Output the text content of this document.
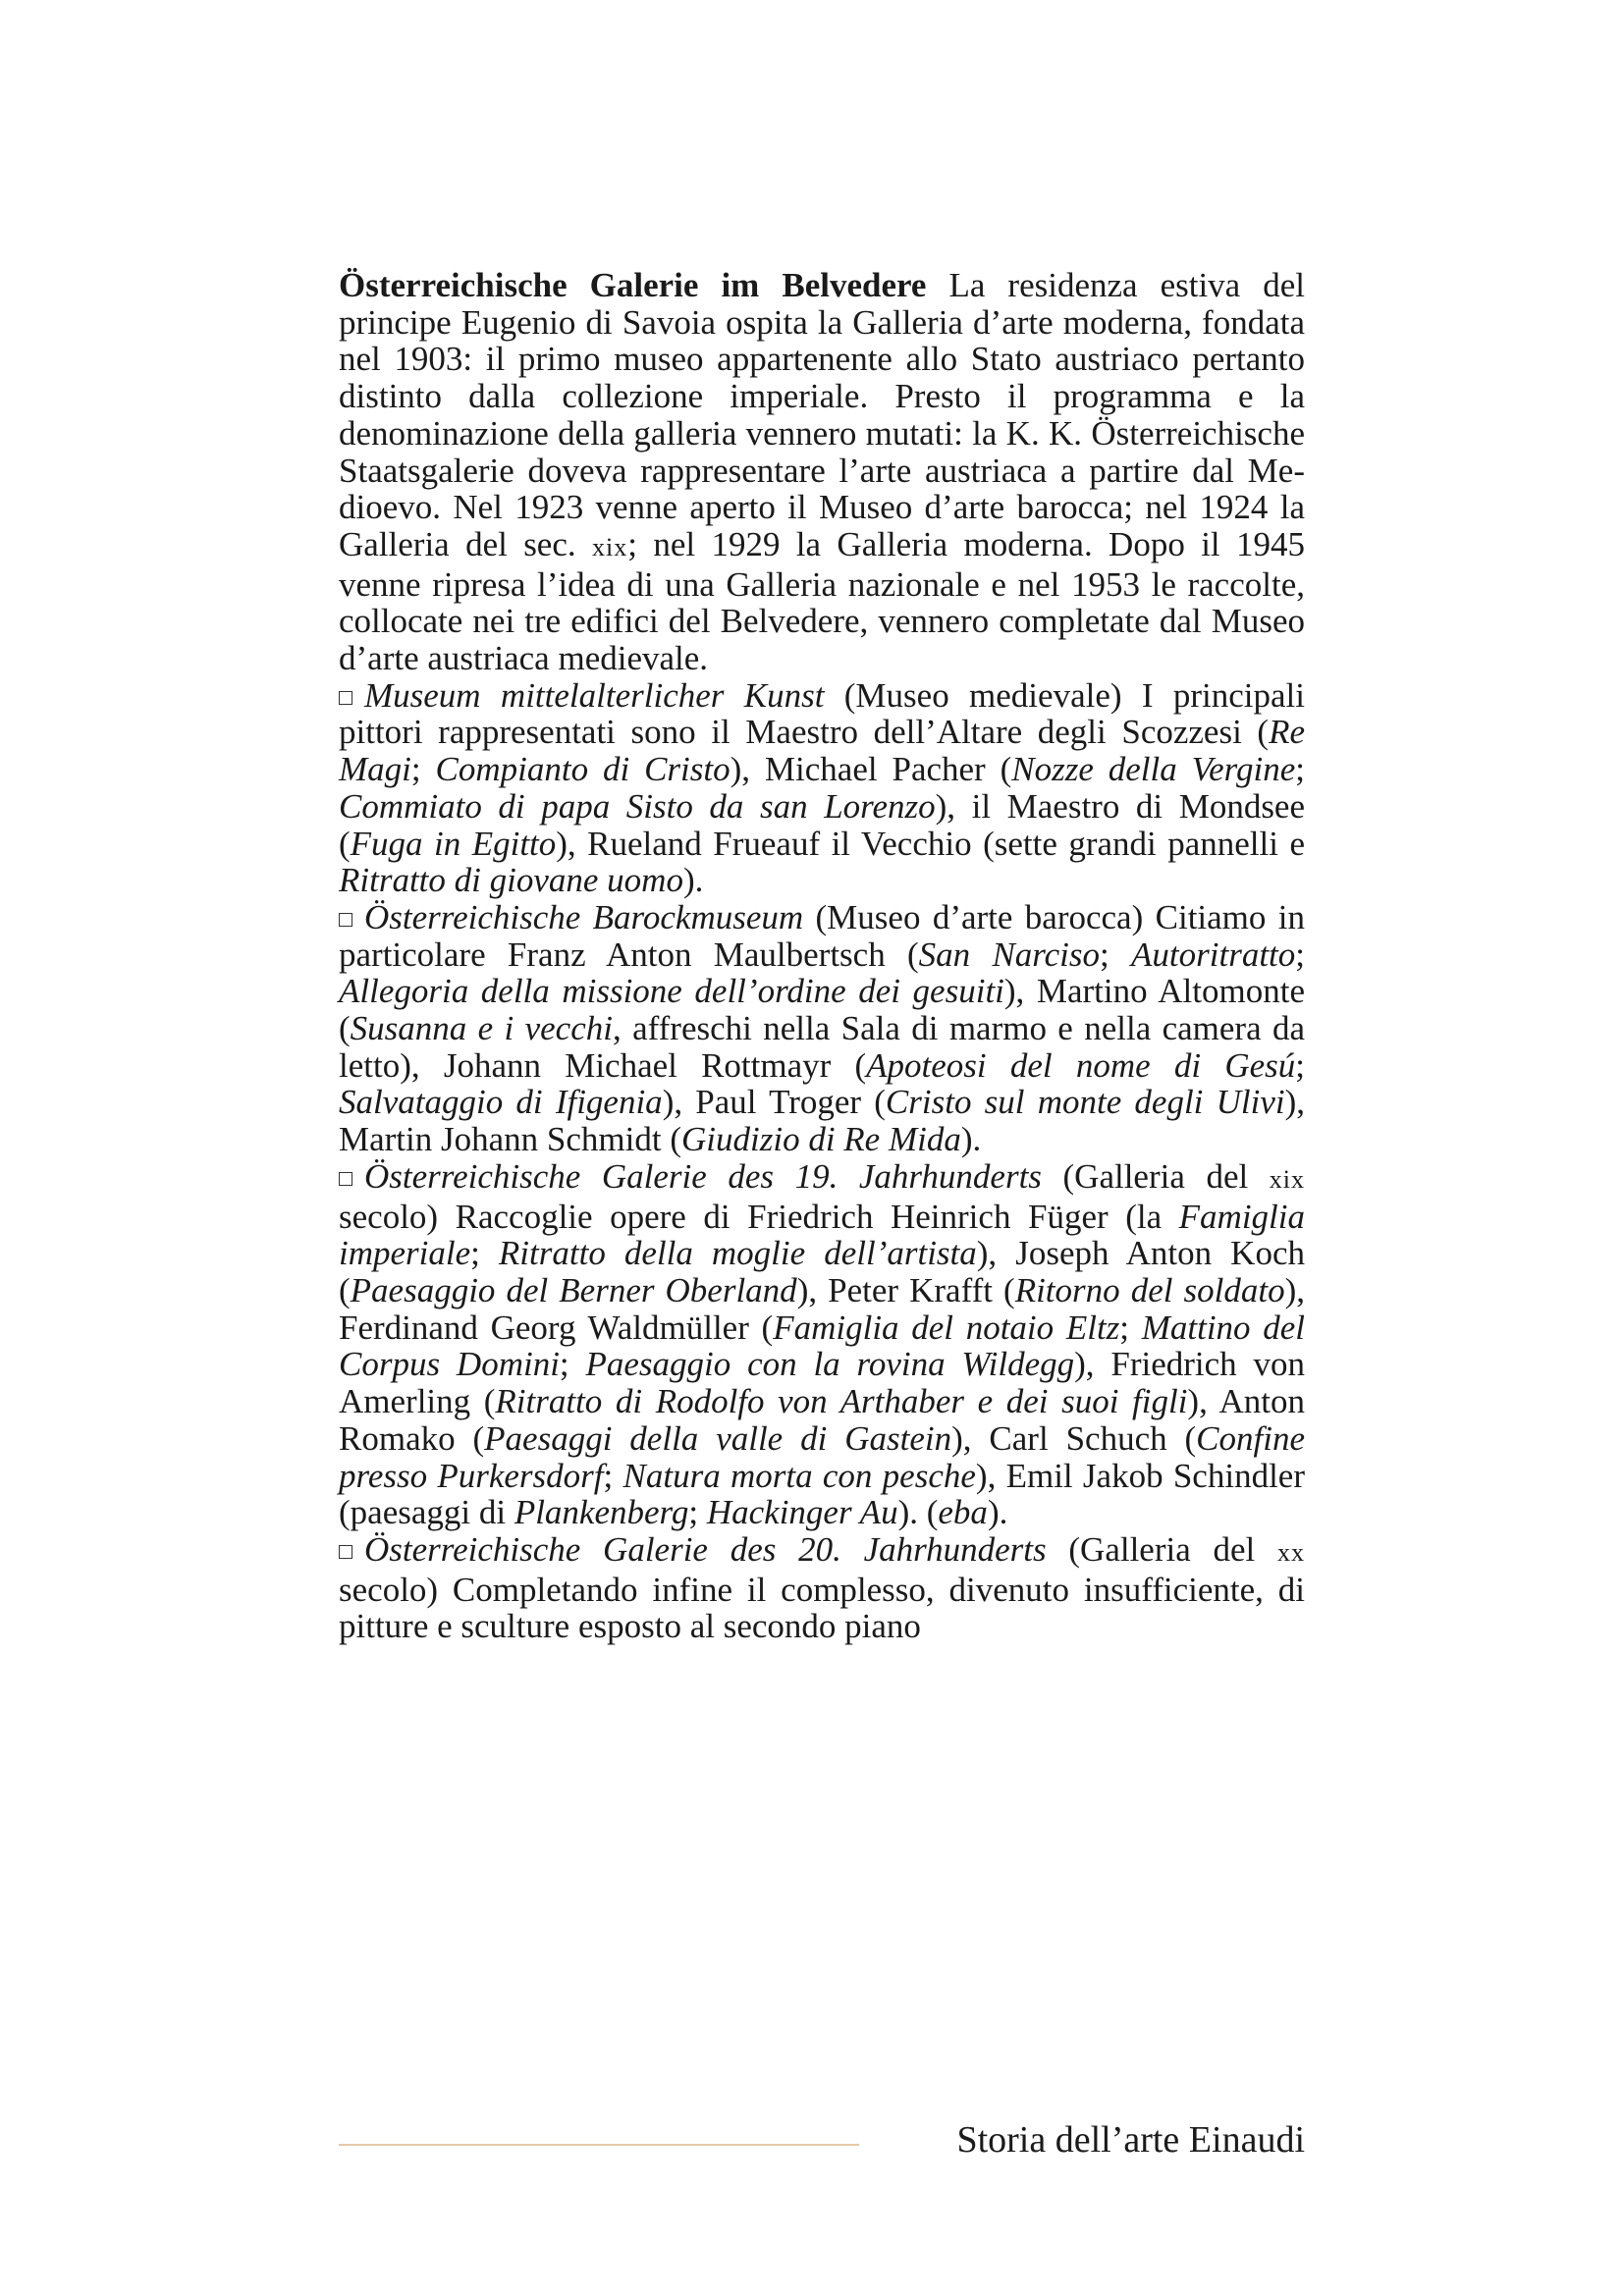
Österreichische Galerie im Belvedere La residenza estiva del principe Eugenio di Savoia ospita la Galleria d’arte moderna, fondata nel 1903: il primo museo appartenente allo Stato austriaco pertanto distinto dalla collezione imperiale. Presto il programma e la denominazione della galleria vennero mutati: la K. K. Österreichische Staatsgalerie doveva rappresentare l’arte austriaca a partire dal Medioevo. Nel 1923 venne aperto il Museo d’arte barocca; nel 1924 la Galleria del sec. xix; nel 1929 la Galleria moderna. Dopo il 1945 venne ripresa l’idea di una Galleria nazionale e nel 1953 le raccolte, collocate nei tre edifici del Belvedere, vennero completate dal Museo d’arte austriaca medievale.

Museum mittelalterlicher Kunst (Museo medievale) I principali pittori rappresentati sono il Maestro dell’Altare degli Scozzesi (Re Magi; Compianto di Cristo), Michael Pacher (Nozze della Vergine; Commiato di papa Sisto da san Lorenzo), il Maestro di Mondsee (Fuga in Egitto), Rueland Frueauf il Vecchio (sette grandi pannelli e Ritratto di giovane uomo).

Österreichische Barockmuseum (Museo d’arte barocca) Citiamo in particolare Franz Anton Maulbertsch (San Narciso; Autoritratto; Allegoria della missione dell’ordine dei gesuiti), Martino Altomonte (Susanna e i vecchi, affreschi nella Sala di marmo e nella camera da letto), Johann Michael Rottmayr (Apoteosi del nome di Gesú; Salvataggio di Ifigenia), Paul Troger (Cristo sul monte degli Ulivi), Martin Johann Schmidt (Giudizio di Re Mida).

Österreichische Galerie des 19. Jahrhunderts (Galleria del xix secolo) Raccoglie opere di Friedrich Heinrich Füger (la Famiglia imperiale; Ritratto della moglie dell’artista), Joseph Anton Koch (Paesaggio del Berner Oberland), Peter Krafft (Ritorno del soldato), Ferdinand Georg Waldmüller (Famiglia del notaio Eltz; Mattino del Corpus Domini; Paesaggio con la rovina Wildegg), Friedrich von Amerling (Ritratto di Rodolfo von Arthaber e dei suoi figli), Anton Romako (Paesaggi della valle di Gastein), Carl Schuch (Confine presso Purkersdorf; Natura morta con pesche), Emil Jakob Schindler (paesaggi di Plankenberg; Hackinger Au). (eba).

Österreichische Galerie des 20. Jahrhunderts (Galleria del xx secolo) Completando infine il complesso, divenuto insufficiente, di pitture e sculture esposto al secondo piano

Storia dell’arte Einaudi
